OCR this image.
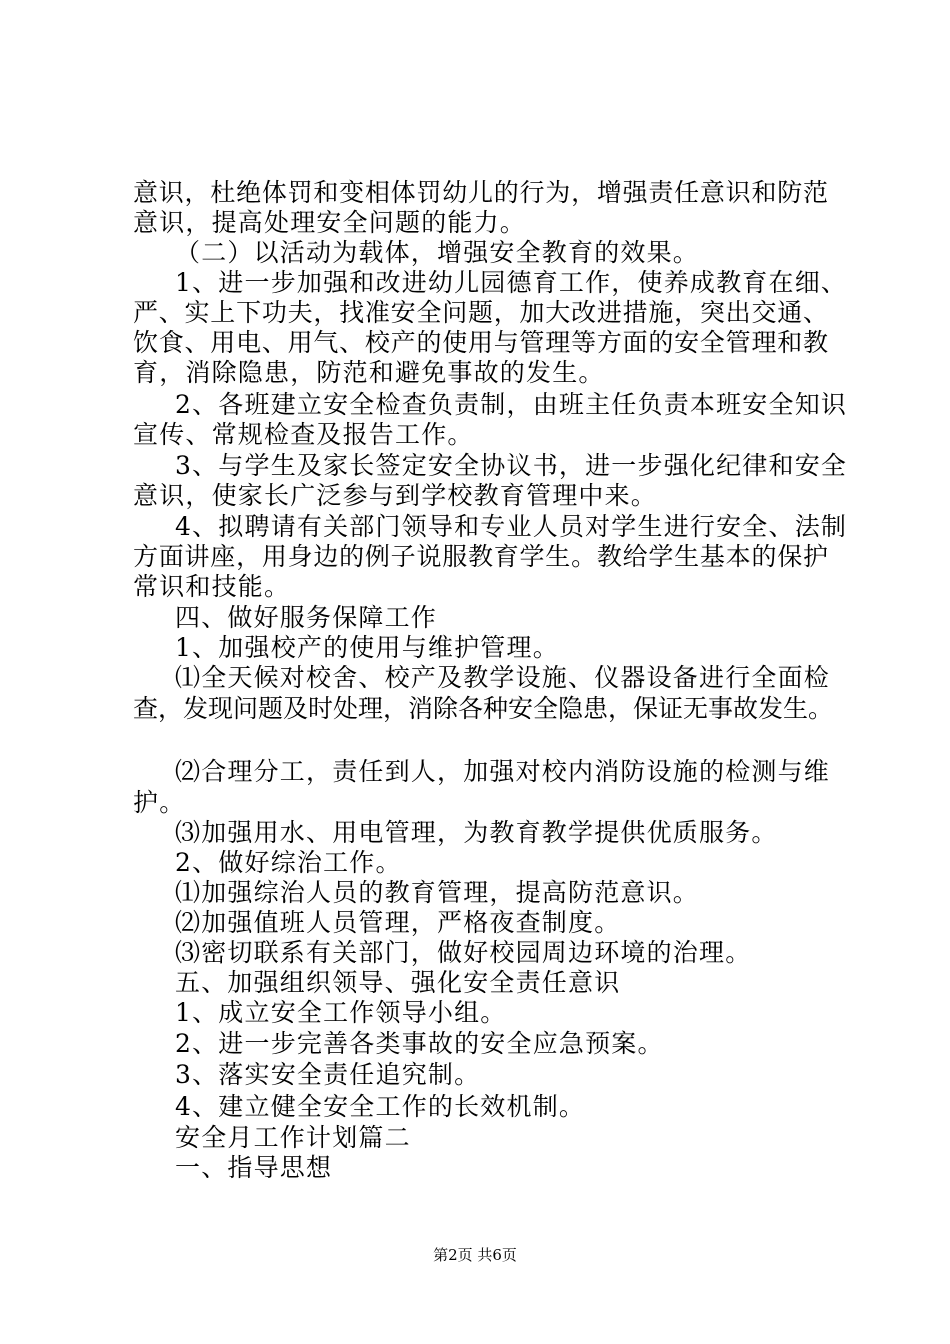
意识，杜绝体罚和变相体罚幼儿的行为，增强责任意识和防范
意识，提高处理安全问题的能力。
（二）以活动为载体，增强安全教育的效果。
1、进一步加强和改进幼儿园德育工作，使养成教育在细、
严、实上下功夫，找准安全问题，加大改进措施，突出交通、
饮食、用电、用气、校产的使用与管理等方面的安全管理和教
育，消除隐患，防范和避免事故的发生。
2、各班建立安全检查负责制，由班主任负责本班安全知识
宣传、常规检查及报告工作。
3、与学生及家长签定安全协议书，进一步强化纪律和安全
意识，使家长广泛参与到学校教育管理中来。
4、拟聘请有关部门领导和专业人员对学生进行安全、法制
方面讲座，用身边的例子说服教育学生。教给学生基本的保护
常识和技能。
四、做好服务保障工作
1、加强校产的使用与维护管理。
⑴全天候对校舍、校产及教学设施、仪器设备进行全面检
查，发现问题及时处理，消除各种安全隐患，保证无事故发生。
⑵合理分工，责任到人，加强对校内消防设施的检测与维
护。
⑶加强用水、用电管理，为教育教学提供优质服务。
2、做好综治工作。
⑴加强综治人员的教育管理，提高防范意识。
⑵加强值班人员管理，严格夜查制度。
⑶密切联系有关部门，做好校园周边环境的治理。
五、加强组织领导、强化安全责任意识
1、成立安全工作领导小组。
2、进一步完善各类事故的安全应急预案。
3、落实安全责任追究制。
4、建立健全安全工作的长效机制。
安全月工作计划篇二
一、指导思想
第2页 共6页
